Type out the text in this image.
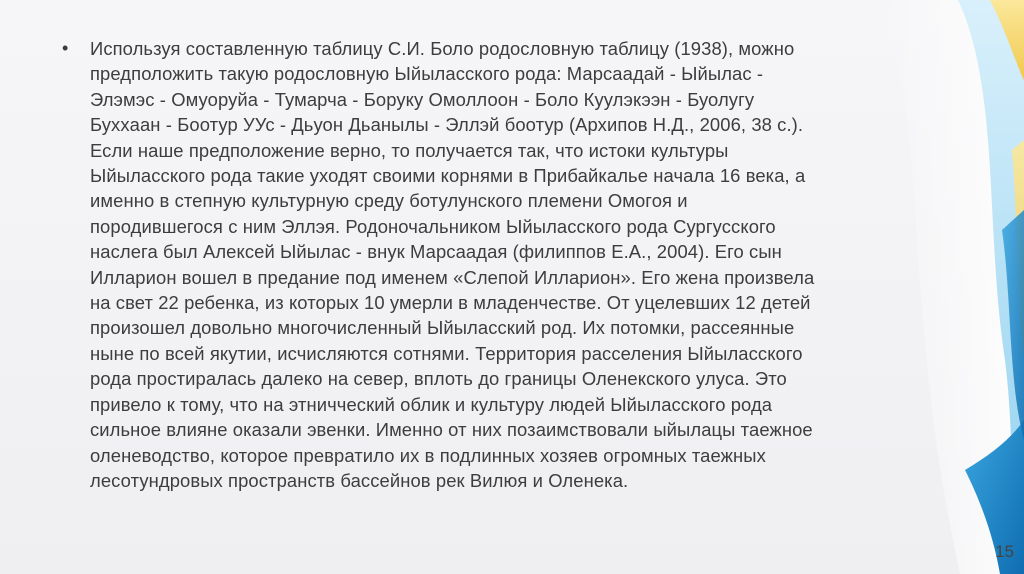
•	Используя составленную таблицу С.И. Боло родословную таблицу (1938), можно
предположить такую родословную Ыйыласского рода: Марсаадай - Ыйылас -
Элэмэс - Омуоруйа - Тумарча - Боруку Омоллоон - Боло Куулэкээн - Буолугу
Бухxаан - Боотур УУс - Дьуон Дьанылы - Эллэй боотур (Архипов Н.Д., 2006, 38 с.).
Если наше предположение верно, то получается так, что истоки культуры
Ыйыласского рода такие уходят своими корнями в Прибайкалье начала 16 века, а
именно в степную культурную среду ботулунского племени Омогоя и
породившегося с ним Эллэя. Родоночальником Ыйыласского рода Сургусского
наслега был Алексей Ыйылас - внук Марсаадая (филиппов Е.А., 2004). Его сын
Илларион вошел в предание под именем «Слепой Илларион». Его жена произвела
на свет 22 ребенка, из которых 10 умерли в младенчестве. От уцелевших 12 детей
произошел довольно многочисленный Ыйыласский род. Их потомки, рассеянные
ныне по всей якутии, исчисляются сотнями. Территория расселения Ыйыласского
рода простиралась далеко на север, вплоть до границы Оленекского улуса. Это
привело к тому, что на этничческий облик и культуру людей Ыйыласского рода
сильное влияне оказали эвенки. Именно от них позаимствовали ыйылацы таежное
оленеводство, которое превратило их в подлинных хозяев огромных таежных
лесотундровых пространств бассейнов рек Вилюя и Оленека.
15
